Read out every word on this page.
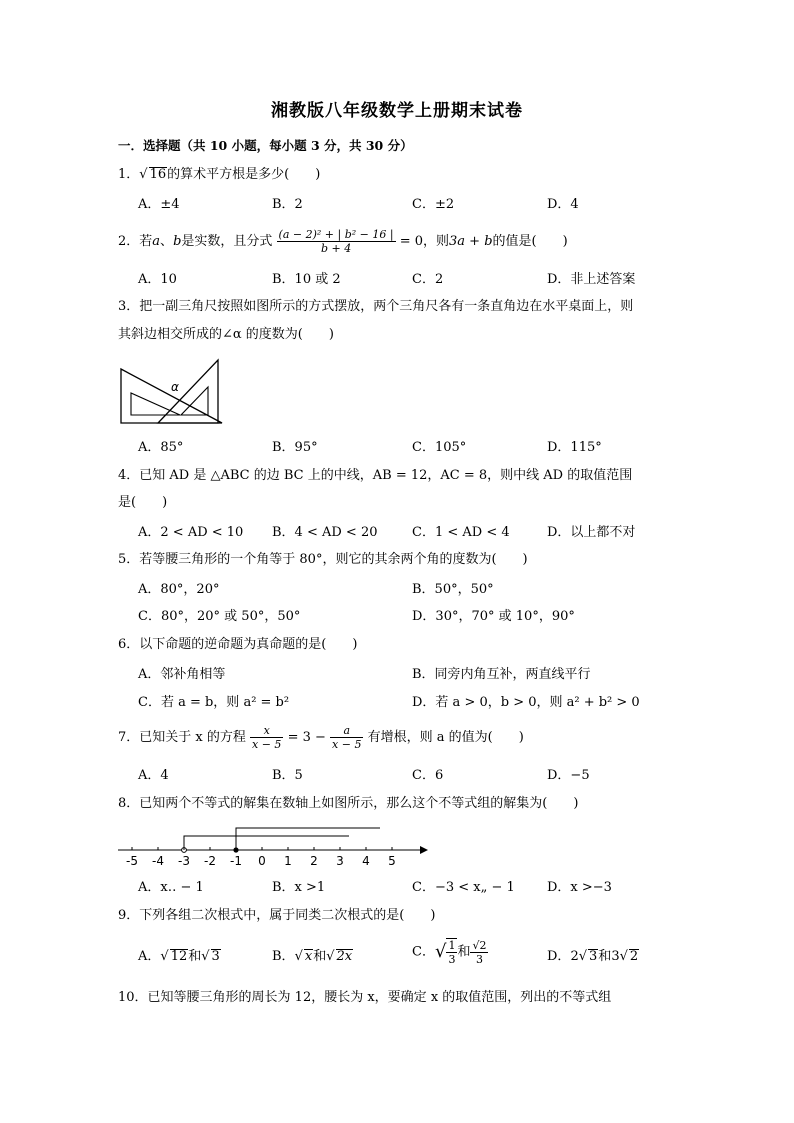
湘教版八年级数学上册期末试卷
一．选择题（共 10 小题，每小题 3 分，共 30 分）
1．√ 16的算术平方根是多少(　　)
A．±4	B．2	C．±2	D．4
2．若a、b是实数，且分式 $\frac{\text{(a − 2)² + | b² − 16 |}}{b + 4} = 0$，则3a + b的值是(　　)
A．10	B．10 或 2	C．2	D．非上述答案
3．把一副三角尺按照如图所示的方式摆放，两个三角尺各有一条直角边在水平桌面上，则
其斜边相交所成的∠α 的度数为(　　)
α
A．85°	B．95°	C．105°	D．115°
4．已知 AD 是 △ABC 的边 BC 上的中线，AB = 12，AC = 8，则中线 AD 的取值范围
是(　　)
A．2 < AD < 10 B．4 < AD < 20	C．1 < AD < 4	D．以上都不对
5．若等腰三角形的一个角等于 80°，则它的其余两个角的度数为(　　)
A．80°，20°	B．50°，50°
C．80°，20° 或 50°，50°	D．30°，70° 或 10°，90°
6．以下命题的逆命题为真命题的是(　　)
A．邻补角相等	B．同旁内角互补，两直线平行
C．若 a = b，则 a² = b²	D．若 a > 0，b > 0，则 a² + b² > 0
7．已知关于 x 的方程 $\frac{x}{x - 5} = 3 - \frac{a}{x - 5}$ 有增根，则 a 的值为(　　)
A．4	B．5	C．6	D．−5
8．已知两个不等式的解集在数轴上如图所示，那么这个不等式组的解集为(　　)
-5 -4 -3 -2 -1 0 1 2 3 4 5
A．x‥ − 1	B．x >1	C．−3 < x„ − 1 D．x >−3
9．下列各组二次根式中，属于同类二次根式的是(　　)
A．√ 12和√ 3	B．√ x和√ 2x	C．√ $\frac{1}{3}$ 和 $\frac{√2}{3}$	D．2√ 3和3√ 2
10．已知等腰三角形的周长为 12，腰长为 x，要确定 x 的取值范围，列出的不等式组
